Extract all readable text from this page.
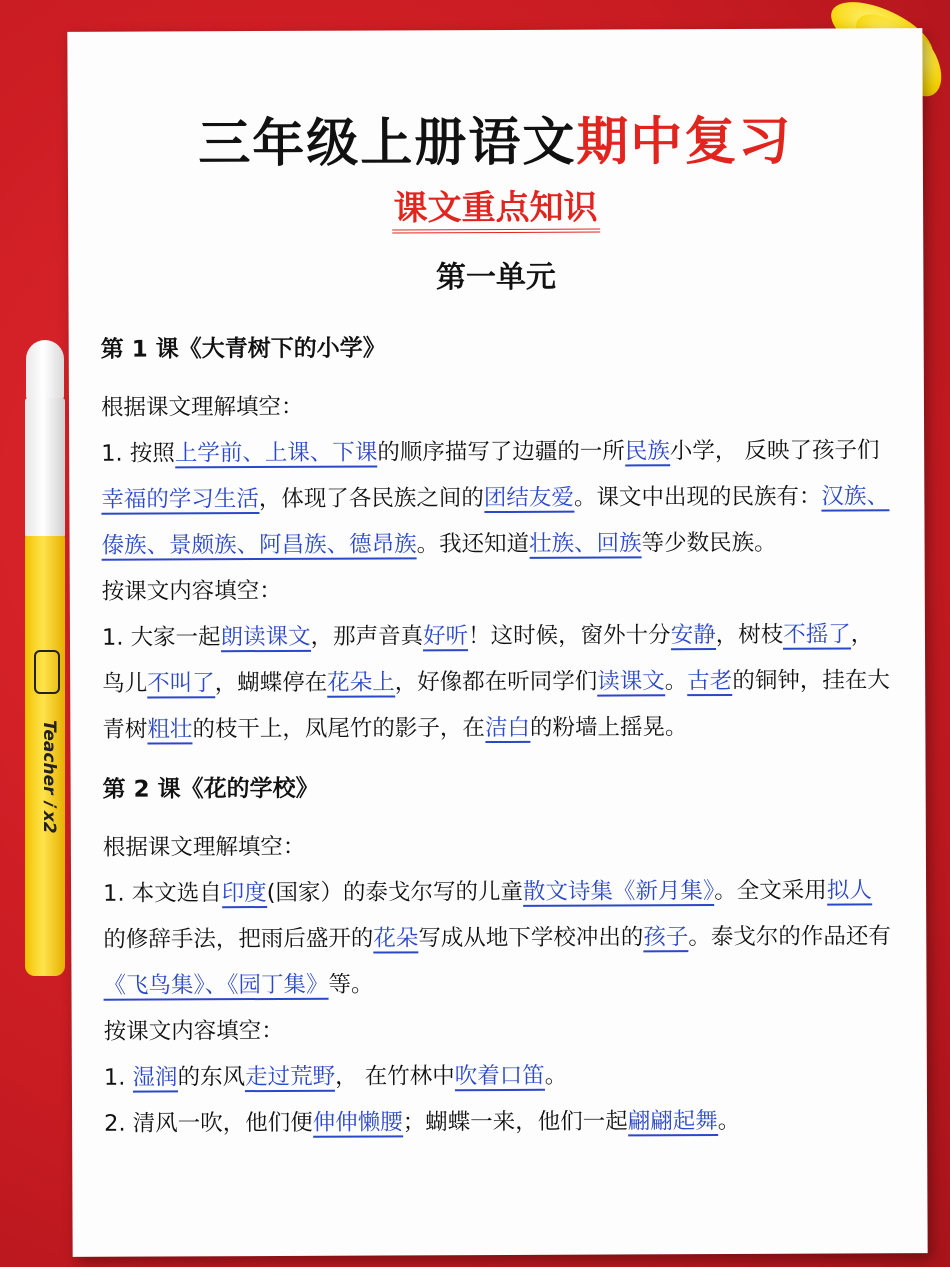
三年级上册语文期中复习
课文重点知识
第一单元
第 1 课《大青树下的小学》

根据课文理解填空：

1. 按照上学前、上课、下课的顺序描写了边疆的一所民族小学， 反映了孩子们幸福的学习生活，体现了各民族之间的团结友爱。课文中出现的民族有：汉族、傣族、景颇族、阿昌族、德昂族。我还知道壮族、回族等少数民族。

按课文内容填空：

1. 大家一起朗读课文，那声音真好听！这时候，窗外十分安静，树枝不摇了，鸟儿不叫了，蝴蝶停在花朵上，好像都在听同学们读课文。古老的铜钟，挂在大青树粗壮的枝干上，凤尾竹的影子，在洁白的粉墙上摇晃。

第 2 课《花的学校》

根据课文理解填空：

1. 本文选自印度(国家）的泰戈尔写的儿童散文诗集《新月集》。全文采用拟人的修辞手法，把雨后盛开的花朵写成从地下学校冲出的孩子。泰戈尔的作品还有《飞鸟集》、《园丁集》等。

按课文内容填空：

1. 湿润的东风走过荒野， 在竹林中吹着口笛。

2. 清风一吹，他们便伸伸懒腰；蝴蝶一来，他们一起翩翩起舞。

Teacher 𝑖 x2
